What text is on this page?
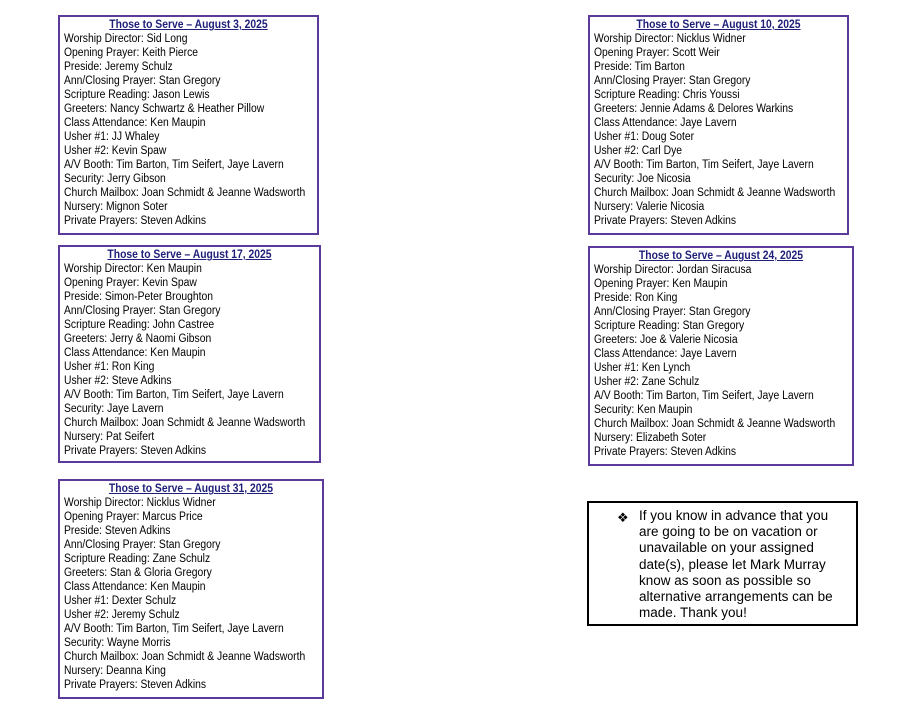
Those to Serve – August 3, 2025
Worship Director: Sid Long
Opening Prayer: Keith Pierce
Preside: Jeremy Schulz
Ann/Closing Prayer: Stan Gregory
Scripture Reading: Jason Lewis
Greeters: Nancy Schwartz & Heather Pillow
Class Attendance: Ken Maupin
Usher #1: JJ Whaley
Usher #2: Kevin Spaw
A/V Booth: Tim Barton, Tim Seifert, Jaye Lavern
Security: Jerry Gibson
Church Mailbox: Joan Schmidt & Jeanne Wadsworth
Nursery: Mignon Soter
Private Prayers: Steven Adkins
Those to Serve – August 10, 2025
Worship Director: Nicklus Widner
Opening Prayer: Scott Weir
Preside: Tim Barton
Ann/Closing Prayer: Stan Gregory
Scripture Reading: Chris Youssi
Greeters: Jennie Adams & Delores Warkins
Class Attendance: Jaye Lavern
Usher #1: Doug Soter
Usher #2: Carl Dye
A/V Booth: Tim Barton, Tim Seifert, Jaye Lavern
Security: Joe Nicosia
Church Mailbox: Joan Schmidt & Jeanne Wadsworth
Nursery: Valerie Nicosia
Private Prayers: Steven Adkins
Those to Serve – August 17, 2025
Worship Director: Ken Maupin
Opening Prayer: Kevin Spaw
Preside: Simon-Peter Broughton
Ann/Closing Prayer: Stan Gregory
Scripture Reading: John Castree
Greeters: Jerry & Naomi Gibson
Class Attendance: Ken Maupin
Usher #1: Ron King
Usher #2: Steve Adkins
A/V Booth: Tim Barton, Tim Seifert, Jaye Lavern
Security: Jaye Lavern
Church Mailbox: Joan Schmidt & Jeanne Wadsworth
Nursery: Pat Seifert
Private Prayers: Steven Adkins
Those to Serve – August 24, 2025
Worship Director: Jordan Siracusa
Opening Prayer: Ken Maupin
Preside: Ron King
Ann/Closing Prayer: Stan Gregory
Scripture Reading: Stan Gregory
Greeters: Joe & Valerie Nicosia
Class Attendance: Jaye Lavern
Usher #1: Ken Lynch
Usher #2: Zane Schulz
A/V Booth: Tim Barton, Tim Seifert, Jaye Lavern
Security: Ken Maupin
Church Mailbox: Joan Schmidt & Jeanne Wadsworth
Nursery: Elizabeth Soter
Private Prayers: Steven Adkins
Those to Serve – August 31, 2025
Worship Director: Nicklus Widner
Opening Prayer: Marcus Price
Preside: Steven Adkins
Ann/Closing Prayer: Stan Gregory
Scripture Reading: Zane Schulz
Greeters: Stan & Gloria Gregory
Class Attendance: Ken Maupin
Usher #1: Dexter Schulz
Usher #2: Jeremy Schulz
A/V Booth: Tim Barton, Tim Seifert, Jaye Lavern
Security: Wayne Morris
Church Mailbox: Joan Schmidt & Jeanne Wadsworth
Nursery: Deanna King
Private Prayers: Steven Adkins
❖ If you know in advance that you are going to be on vacation or unavailable on your assigned date(s), please let Mark Murray know as soon as possible so alternative arrangements can be made. Thank you!
